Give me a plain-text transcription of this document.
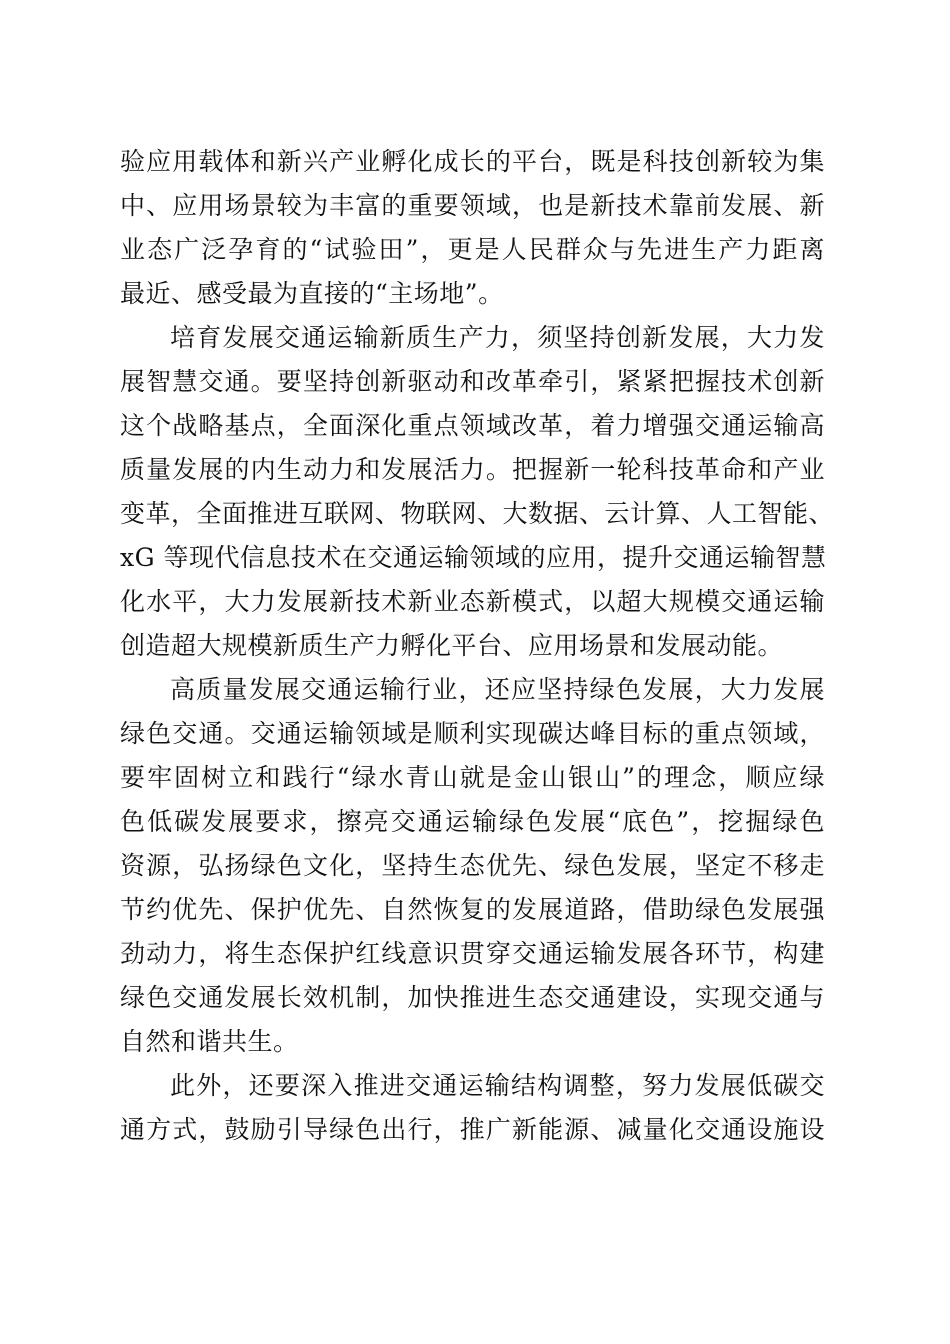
验应用载体和新兴产业孵化成长的平台，既是科技创新较为集
中、应用场景较为丰富的重要领域，也是新技术靠前发展、新
业态广泛孕育的“试验田”，更是人民群众与先进生产力距离
最近、感受最为直接的“主场地”。
培育发展交通运输新质生产力，须坚持创新发展，大力发
展智慧交通。要坚持创新驱动和改革牵引，紧紧把握技术创新
这个战略基点，全面深化重点领域改革，着力增强交通运输高
质量发展的内生动力和发展活力。把握新一轮科技革命和产业
变革，全面推进互联网、物联网、大数据、云计算、人工智能、
xG 等现代信息技术在交通运输领域的应用，提升交通运输智慧
化水平，大力发展新技术新业态新模式，以超大规模交通运输
创造超大规模新质生产力孵化平台、应用场景和发展动能。
高质量发展交通运输行业，还应坚持绿色发展，大力发展
绿色交通。交通运输领域是顺利实现碳达峰目标的重点领域，
要牢固树立和践行“绿水青山就是金山银山”的理念，顺应绿
色低碳发展要求，擦亮交通运输绿色发展“底色”，挖掘绿色
资源，弘扬绿色文化，坚持生态优先、绿色发展，坚定不移走
节约优先、保护优先、自然恢复的发展道路，借助绿色发展强
劲动力，将生态保护红线意识贯穿交通运输发展各环节，构建
绿色交通发展长效机制，加快推进生态交通建设，实现交通与
自然和谐共生。
此外，还要深入推进交通运输结构调整，努力发展低碳交
通方式，鼓励引导绿色出行，推广新能源、减量化交通设施设
